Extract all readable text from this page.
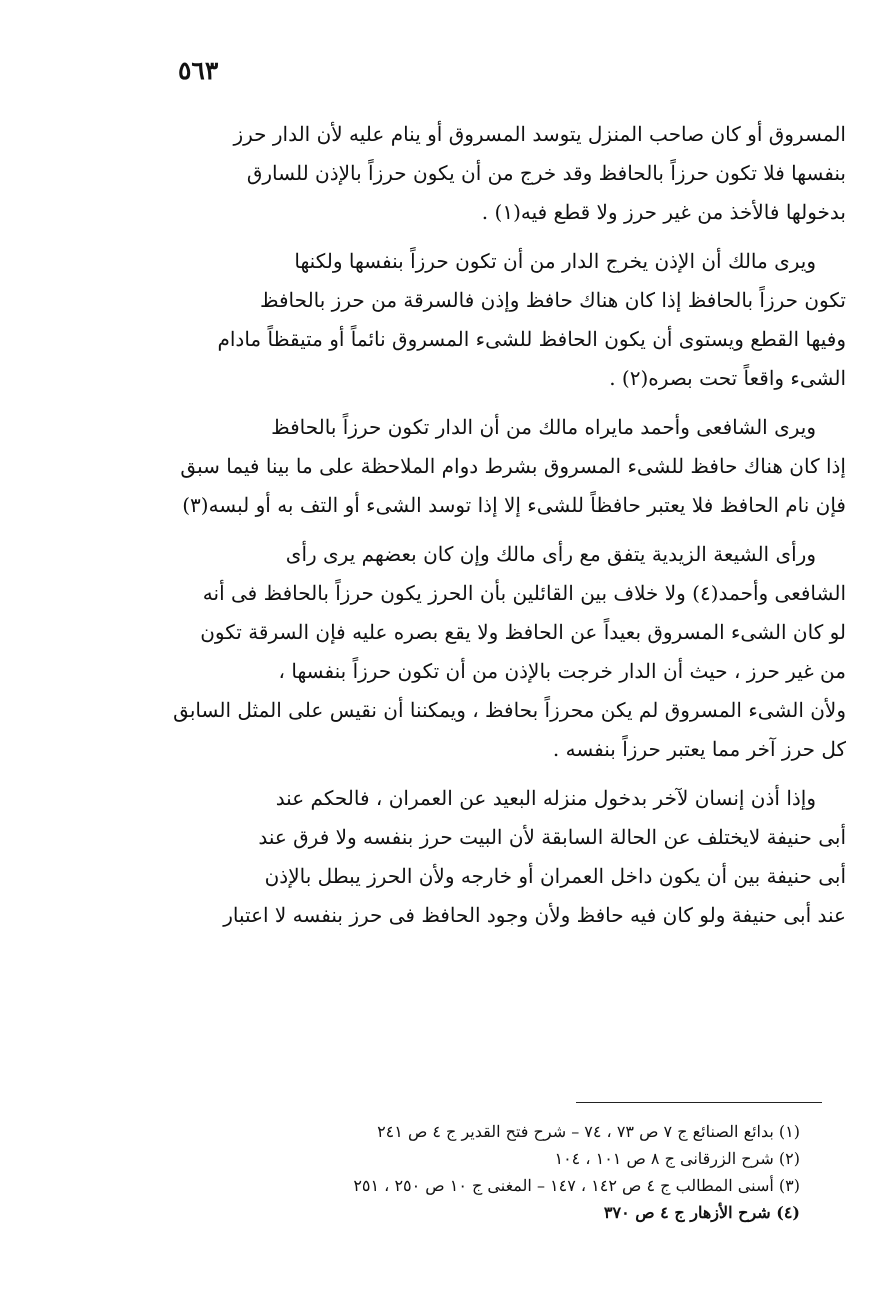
٥٦٣
المسروق أو كان صاحب المنزل يتوسد المسروق أو ينام عليه لأن الدار حرز
بنفسها فلا تكون حرزاً بالحافظ وقد خرج من أن يكون حرزاً بالإذن للسارق
بدخولها فالأخذ من غير حرز ولا قطع فيه(١) .
ويرى مالك أن الإذن يخرج الدار من أن تكون حرزاً بنفسها ولكنها
تكون حرزاً بالحافظ إذا كان هناك حافظ وإذن فالسرقة من حرز بالحافظ
وفيها القطع ويستوى أن يكون الحافظ للشىء المسروق نائماً أو متيقظاً مادام
الشىء واقعاً تحت بصره(٢) .
ويرى الشافعى وأحمد مايراه مالك من أن الدار تكون حرزاً بالحافظ
إذا كان هناك حافظ للشىء المسروق بشرط دوام الملاحظة على ما بينا فيما سبق
فإن نام الحافظ فلا يعتبر حافظاً للشىء إلا إذا توسد الشىء أو التف به أو لبسه(٣)
ورأى الشيعة الزيدية يتفق مع رأى مالك وإن كان بعضهم يرى رأى
الشافعى وأحمد(٤) ولا خلاف بين القائلين بأن الحرز يكون حرزاً بالحافظ فى أنه
لو كان الشىء المسروق بعيداً عن الحافظ ولا يقع بصره عليه فإن السرقة تكون
من غير حرز ، حيث أن الدار خرجت بالإذن من أن تكون حرزاً بنفسها ،
ولأن الشىء المسروق لم يكن محرزاً بحافظ ، ويمكننا أن نقيس على المثل السابق
كل حرز آخر مما يعتبر حرزاً بنفسه .
وإذا أذن إنسان لآخر بدخول منزله البعيد عن العمران ، فالحكم عند
أبى حنيفة لايختلف عن الحالة السابقة لأن البيت حرز بنفسه ولا فرق عند
أبى حنيفة بين أن يكون داخل العمران أو خارجه ولأن الحرز يبطل بالإذن
عند أبى حنيفة ولو كان فيه حافظ ولأن وجود الحافظ فى حرز بنفسه لا اعتبار
(١) بدائع الصنائع ج ٧ ص ٧٣ ، ٧٤ – شرح فتح القدير ج ٤ ص ٢٤١
(٢) شرح الزرقانى ج ٨ ص ١٠١ ، ١٠٤
(٣) أسنى المطالب ج ٤ ص ١٤٢ ، ١٤٧ – المغنى ج ١٠ ص ٢٥٠ ، ٢٥١
(٤) شرح الأزهار ج ٤ ص ٣٧٠
